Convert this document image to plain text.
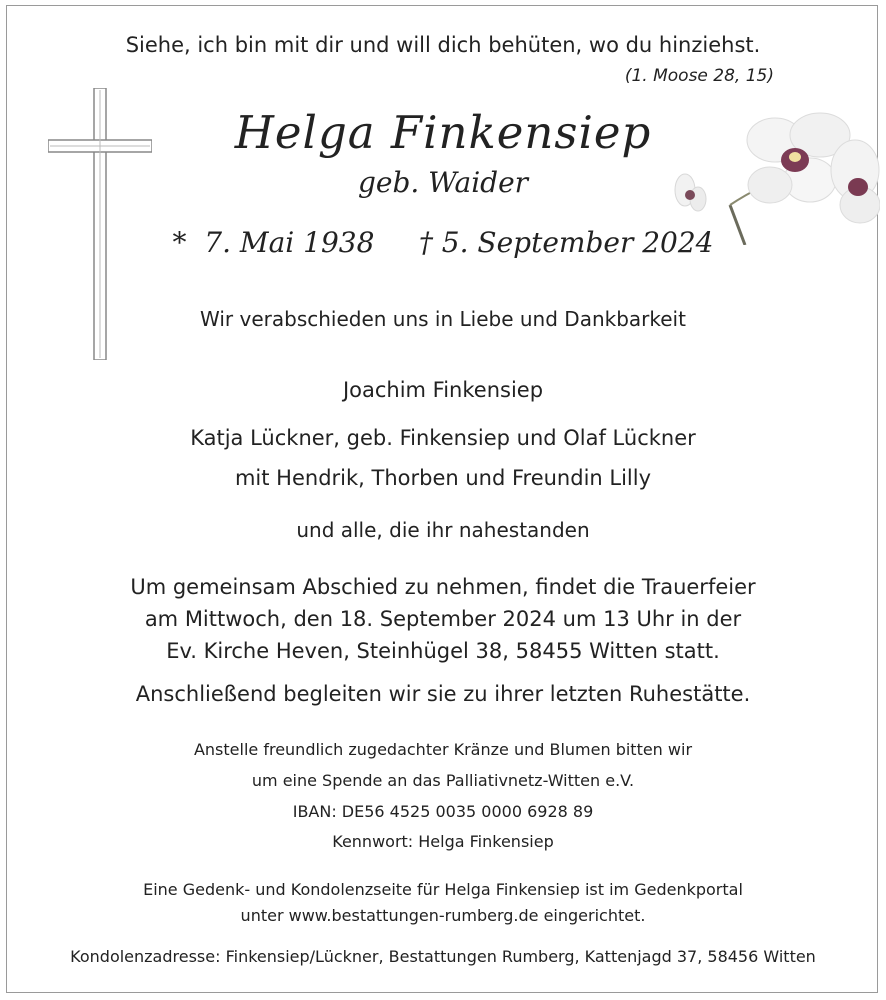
Siehe, ich bin mit dir und will dich behüten, wo du hinziehst.
(1. Moose 28, 15)
Helga Finkensiep
geb. Waider
*  7. Mai 1938     † 5. September 2024
Wir verabschieden uns in Liebe und Dankbarkeit
Joachim Finkensiep
Katja Lückner, geb. Finkensiep und Olaf Lückner
mit Hendrik, Thorben und Freundin Lilly
und alle, die ihr nahestanden
Um gemeinsam Abschied zu nehmen, findet die Trauerfeier
am Mittwoch, den 18. September 2024 um 13 Uhr in der
Ev. Kirche Heven, Steinhügel 38, 58455 Witten statt.
Anschließend begleiten wir sie zu ihrer letzten Ruhestätte.
Anstelle freundlich zugedachter Kränze und Blumen bitten wir
um eine Spende an das Palliativnetz-Witten e.V.
IBAN: DE56 4525 0035 0000 6928 89
Kennwort: Helga Finkensiep
Eine Gedenk- und Kondolenzseite für Helga Finkensiep ist im Gedenkportal
unter www.bestattungen-rumberg.de eingerichtet.
Kondolenzadresse: Finkensiep/Lückner, Bestattungen Rumberg, Kattenjagd 37, 58456 Witten
